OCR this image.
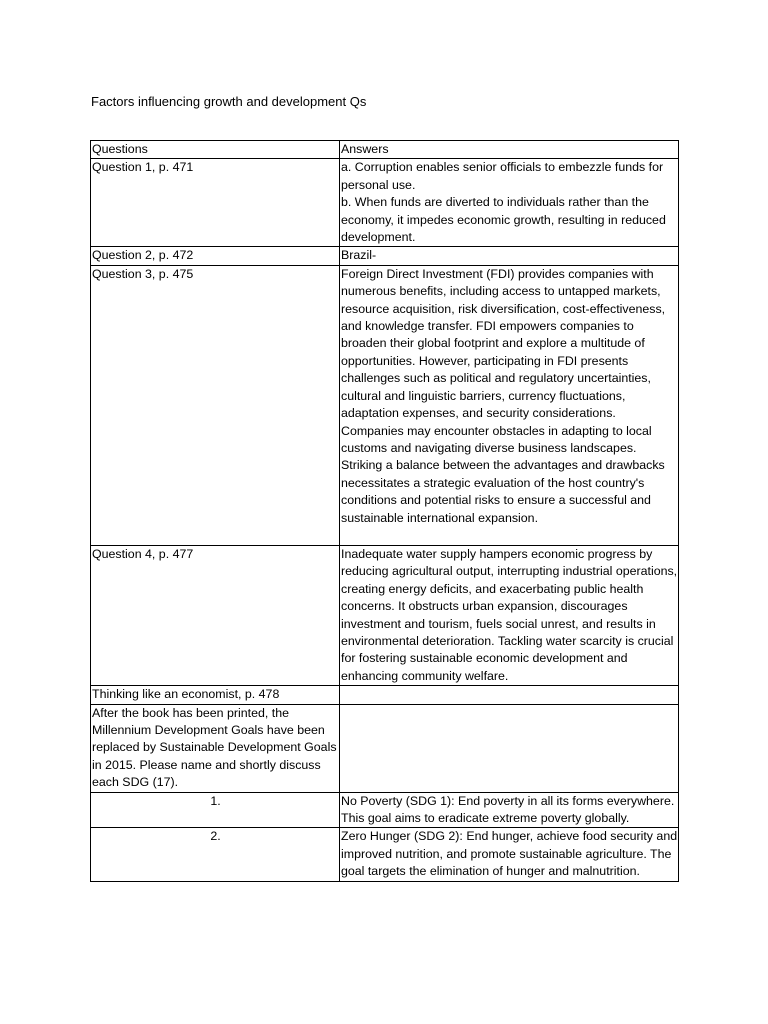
Factors influencing growth and development Qs
Questions	Answers
Question 1, p. 471	a. Corruption enables senior officials to embezzle funds for personal use.
b. When funds are diverted to individuals rather than the economy, it impedes economic growth, resulting in reduced development.

Question 2, p. 472	Brazil-
Question 3, p. 475	Foreign Direct Investment (FDI) provides companies with numerous benefits, including access to untapped markets, resource acquisition, risk diversification, cost-effectiveness, and knowledge transfer. FDI empowers companies to broaden their global footprint and explore a multitude of opportunities. However, participating in FDI presents challenges such as political and regulatory uncertainties, cultural and linguistic barriers, currency fluctuations, adaptation expenses, and security considerations. Companies may encounter obstacles in adapting to local customs and navigating diverse business landscapes. Striking a balance between the advantages and drawbacks necessitates a strategic evaluation of the host country's conditions and potential risks to ensure a successful and sustainable international expansion.
Question 4, p. 477	Inadequate water supply hampers economic progress by reducing agricultural output, interrupting industrial operations, creating energy deficits, and exacerbating public health concerns. It obstructs urban expansion, discourages investment and tourism, fuels social unrest, and results in environmental deterioration. Tackling water scarcity is crucial for fostering sustainable economic development and enhancing community welfare.
Thinking like an economist, p. 478	
After the book has been printed, the Millennium Development Goals have been replaced by Sustainable Development Goals in 2015. Please name and shortly discuss each SDG (17).	
1.	No Poverty (SDG 1): End poverty in all its forms everywhere. This goal aims to eradicate extreme poverty globally.
2.	Zero Hunger (SDG 2): End hunger, achieve food security and improved nutrition, and promote sustainable agriculture. The goal targets the elimination of hunger and malnutrition.
